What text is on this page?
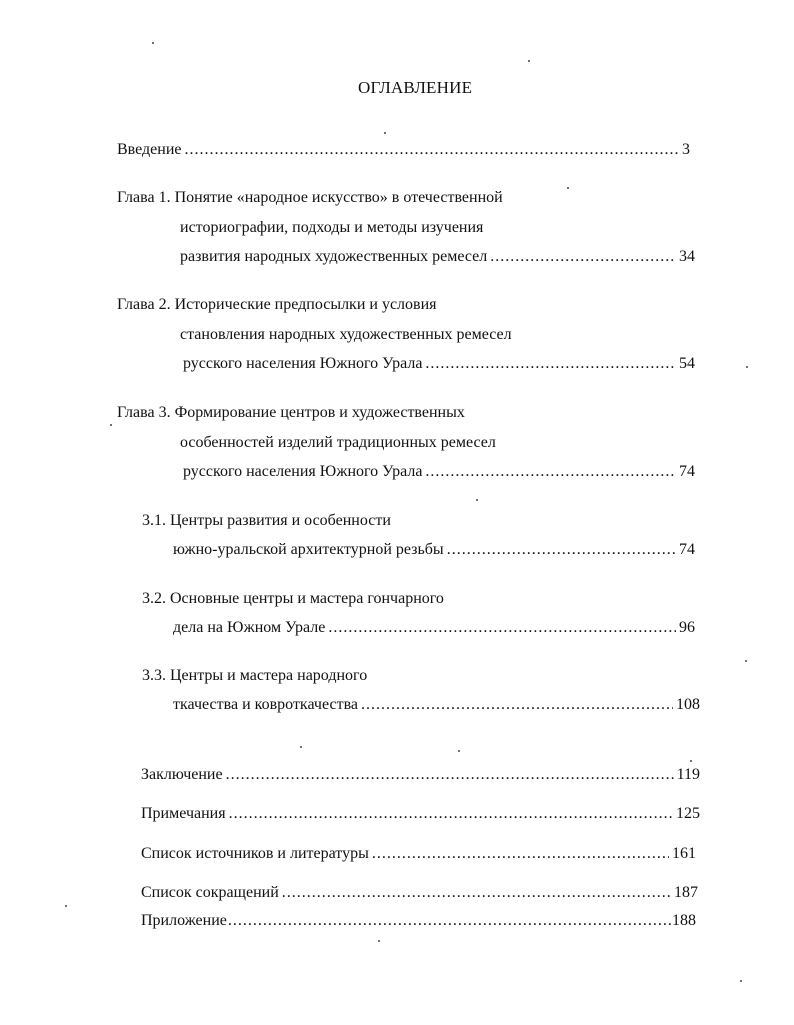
ОГЛАВЛЕНИЕ
Введение .....	3
Глава 1. Понятие «народное искусство» в отечественной
историографии, подходы и методы изучения
развития народных художественных ремесел .....	34
Глава 2. Исторические предпосылки и условия
становления народных художественных ремесел
русского населения Южного Урала .....	54
Глава 3. Формирование центров и художественных
особенностей изделий традиционных ремесел
русского населения Южного Урала .....	74
3.1. Центры развития и особенности
южно-уральской архитектурной резьбы .....	74
3.2. Основные центры и мастера гончарного
дела на Южном Урале .....	96
3.3. Центры и мастера народного
ткачества и ковроткачества .....	108
Заключение .....	119
Примечания .....	125
Список источников и литературы .....	161
Список сокращений .....	187
Приложение .....	188
